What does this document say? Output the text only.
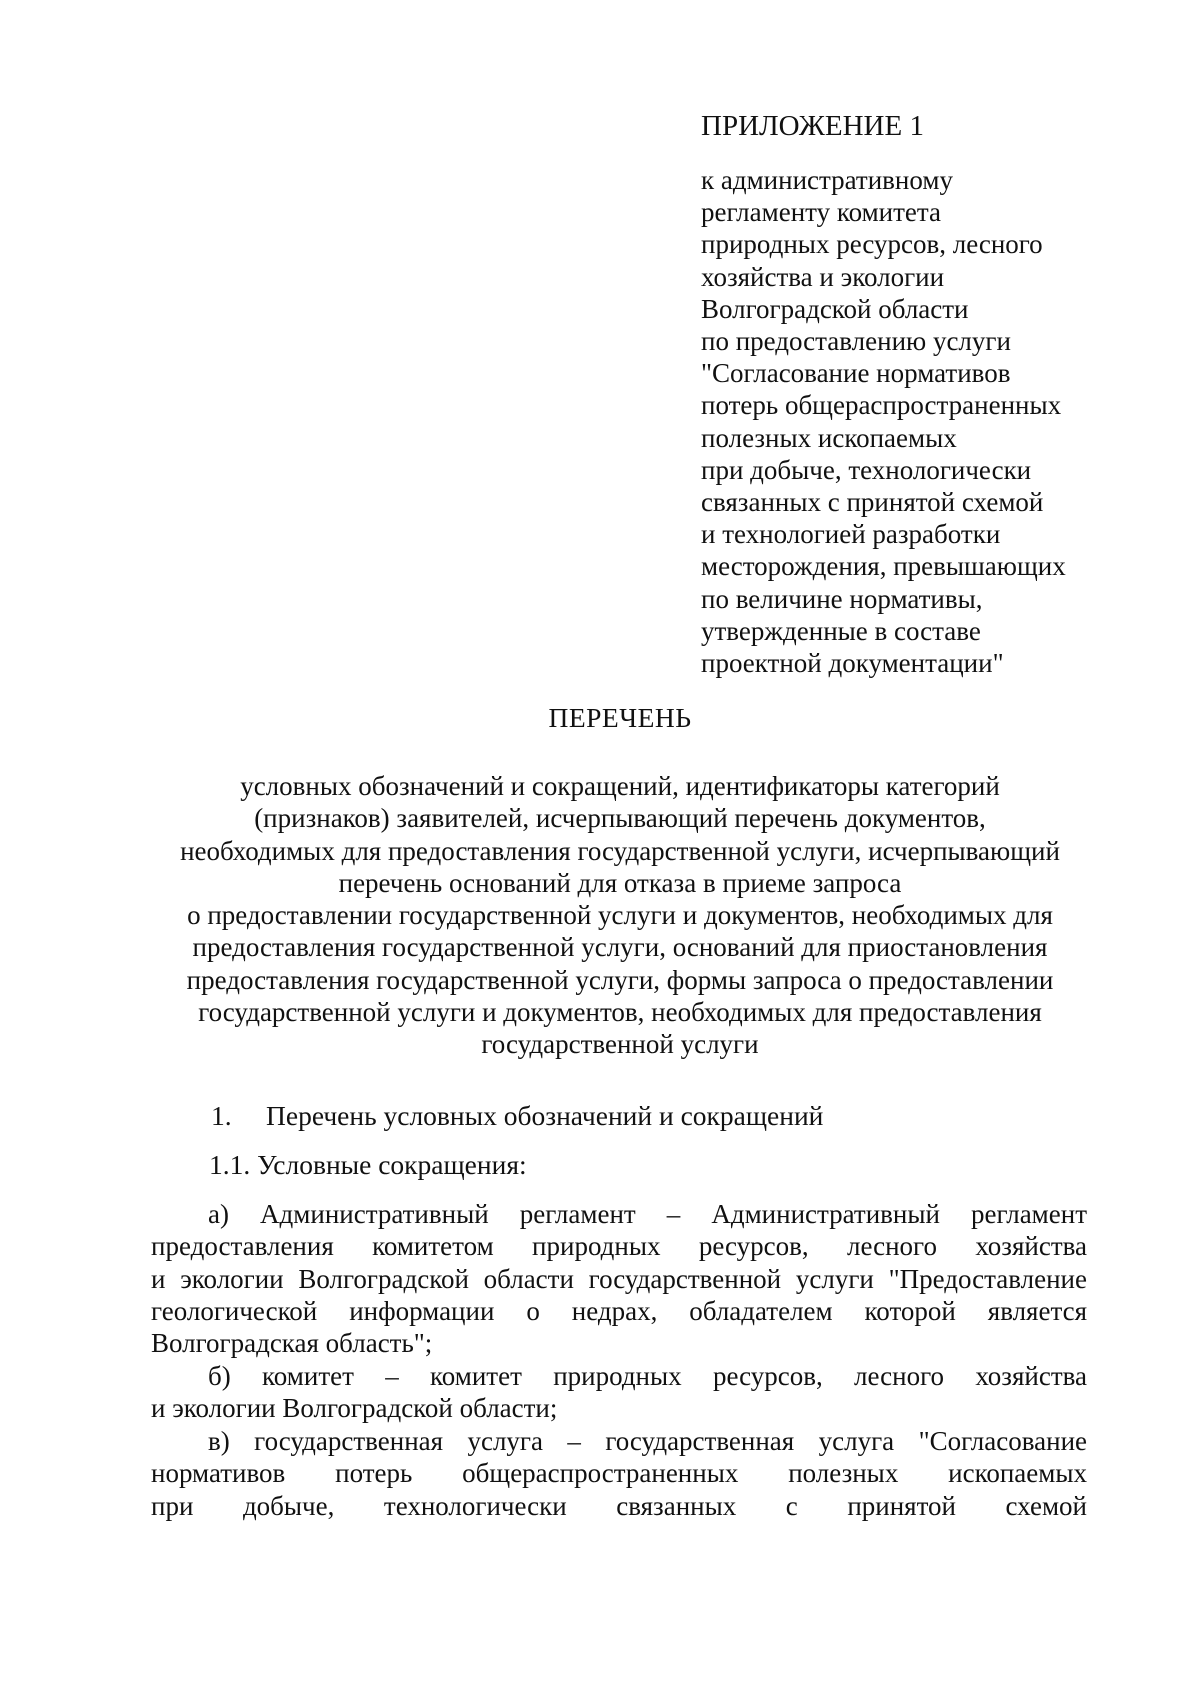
ПРИЛОЖЕНИЕ 1
к административному
регламенту комитета
природных ресурсов, лесного
хозяйства и экологии
Волгоградской области
по предоставлению услуги
"Согласование нормативов
потерь общераспространенных
полезных ископаемых
при добыче, технологически
связанных с принятой схемой
и технологией разработки
месторождения, превышающих
по величине нормативы,
утвержденные в составе
проектной документации"
ПЕРЕЧЕНЬ
условных обозначений и сокращений, идентификаторы категорий
(признаков) заявителей, исчерпывающий перечень документов,
необходимых для предоставления государственной услуги, исчерпывающий
перечень оснований для отказа в приеме запроса
о предоставлении государственной услуги и документов, необходимых для
предоставления государственной услуги, оснований для приостановления
предоставления государственной услуги, формы запроса о предоставлении
государственной услуги и документов, необходимых для предоставления
государственной услуги
1. Перечень условных обозначений и сокращений
1.1. Условные сокращения:
а) Административный регламент – Административный регламент
предоставления комитетом природных ресурсов, лесного хозяйства
и экологии Волгоградской области государственной услуги "Предоставление
геологической информации о недрах, обладателем которой является
Волгоградская область";
б) комитет – комитет природных ресурсов, лесного хозяйства
и экологии Волгоградской области;
в) государственная услуга – государственная услуга "Согласование
нормативов потерь общераспространенных полезных ископаемых
при добыче, технологически связанных с принятой схемой
